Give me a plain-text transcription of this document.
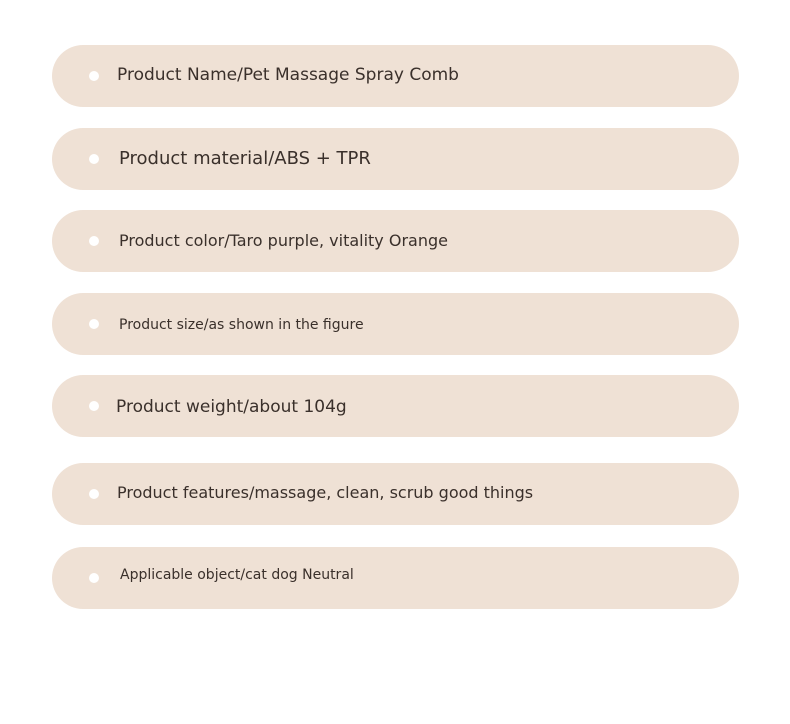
Product Name/Pet Massage Spray Comb
Product material/ABS + TPR
Product color/Taro purple, vitality Orange
Product size/as shown in the figure
Product weight/about 104g
Product features/massage, clean, scrub good things
Applicable object/cat dog Neutral
